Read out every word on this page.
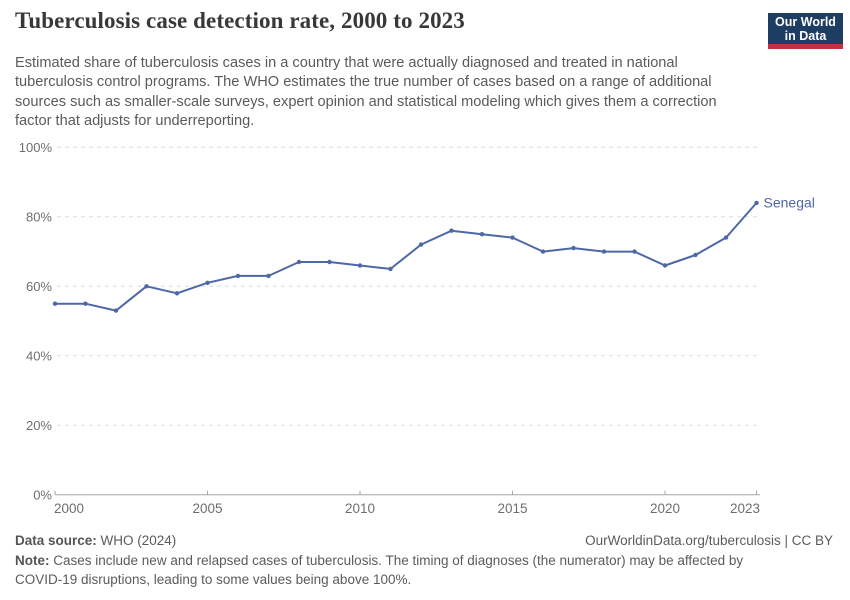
Tuberculosis case detection rate, 2000 to 2023	Our World
in Data

Estimated share of tuberculosis cases in a country that were actually diagnosed and treated in national tuberculosis control programs. The WHO estimates the true number of cases based on a range of additional sources such as smaller-scale surveys, expert opinion and statistical modeling which gives them a correction factor that adjusts for underreporting.

0%
20%
40%
60%
80%
100%
2000	2005	2010	2015	2020	2023
Senegal
Data source: WHO (2024)	OurWorldinData.org/tuberculosis | CC BY
Note: Cases include new and relapsed cases of tuberculosis. The timing of diagnoses (the numerator) may be affected by COVID-19 disruptions, leading to some values being above 100%.
